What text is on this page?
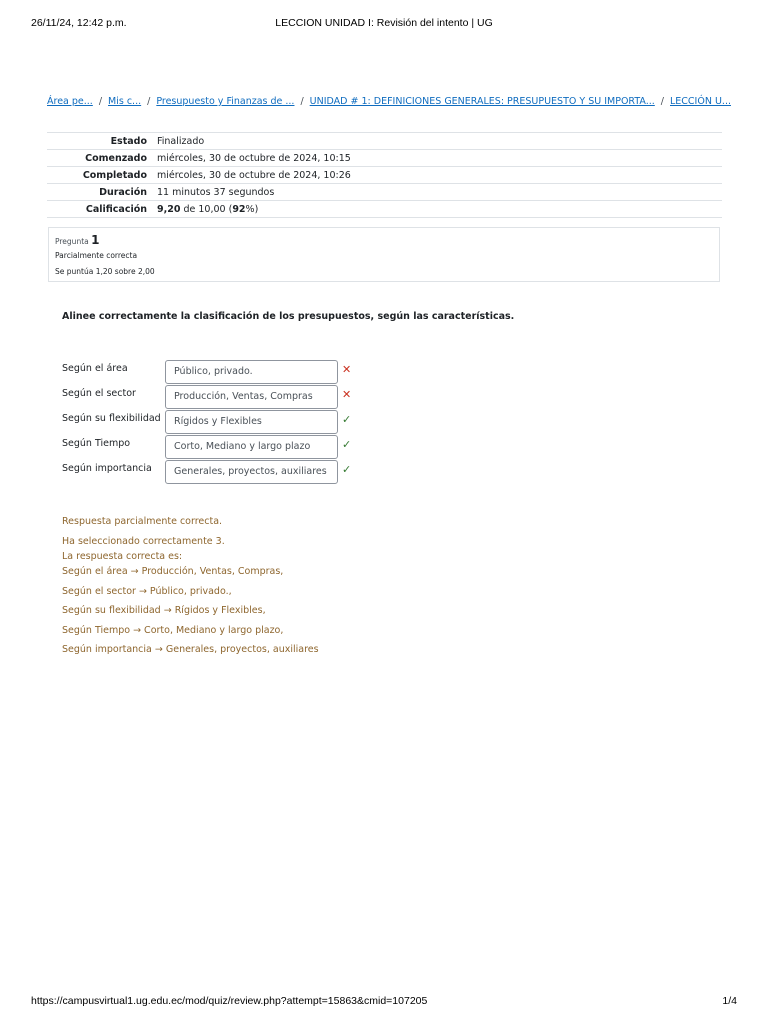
26/11/24, 12:42 p.m.	LECCION UNIDAD I: Revisión del intento | UG
Área pe... / Mis c... / Presupuesto y Finanzas de ... / UNIDAD # 1: DEFINICIONES GENERALES: PRESUPUESTO Y SU IMPORTA... / LECCIÓN U...
Estado	Finalizado
Comenzado	miércoles, 30 de octubre de 2024, 10:15
Completado	miércoles, 30 de octubre de 2024, 10:26
Duración	11 minutos 37 segundos
Calificación	9,20 de 10,00 (92%)
Pregunta 1
Parcialmente correcta
Se puntúa 1,20 sobre 2,00
Alinee correctamente la clasificación de los presupuestos, según las características.
Según el área	Público, privado.	✕
Según el sector	Producción, Ventas, Compras	✕
Según su flexibilidad	Rígidos y Flexibles	✓
Según Tiempo	Corto, Mediano y largo plazo	✓
Según importancia	Generales, proyectos, auxiliares	✓
Respuesta parcialmente correcta.
Ha seleccionado correctamente 3.
La respuesta correcta es:
Según el área → Producción, Ventas, Compras,
Según el sector → Público, privado.,
Según su flexibilidad → Rígidos y Flexibles,
Según Tiempo → Corto, Mediano y largo plazo,
Según importancia → Generales, proyectos, auxiliares
https://campusvirtual1.ug.edu.ec/mod/quiz/review.php?attempt=15863&cmid=107205	1/4
